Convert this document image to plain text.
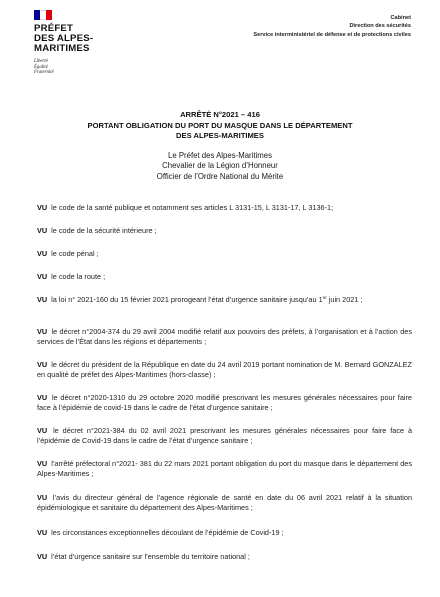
PRÉFET
DES ALPES-
MARITIMES
Liberté
Égalité
Fraternité
Cabinet
Direction des sécurités
Service interministériel de défense et de protections civiles
ARRÊTÉ N°2021 – 416
PORTANT OBLIGATION DU PORT DU MASQUE DANS LE DÉPARTEMENT
DES ALPES-MARITIMES
Le Préfet des Alpes-Maritimes
Chevalier de la Légion d’Honneur
Officier de l’Ordre National du Mérite
VU le code de la santé publique et notamment ses articles L 3131-15, L 3131-17, L 3136-1;
VU le code de la sécurité intérieure ;
VU le code pénal ;
VU le code la route ;
VU la loi n° 2021-160 du 15 février 2021 prorogeant l’état d’urgence sanitaire jusqu’au 1er juin 2021 ;
VU le décret n°2004-374 du 29 avril 2004 modifié relatif aux pouvoirs des préfets, à l’organisation et à l’action des services de l’État dans les régions et départements ;
VU le décret du président de la République en date du 24 avril 2019 portant nomination de M. Bernard GONZALEZ en qualité de préfet des Alpes-Maritimes (hors-classe) ;
VU le décret n°2020-1310 du 29 octobre 2020 modifié prescrivant les mesures générales nécessaires pour faire face à l’épidémie de covid-19 dans le cadre de l’état d’urgence sanitaire ;
VU le décret n°2021-384 du 02 avril 2021 prescrivant les mesures générales nécessaires pour faire face à l’épidémie de Covid-19 dans le cadre de l’état d’urgence sanitaire ;
VU l’arrêté préfectoral n°2021- 381 du 22 mars 2021 portant obligation du port du masque dans le département des Alpes-Maritimes ;
VU l’avis du directeur général de l’agence régionale de santé en date du 06 avril 2021 relatif à la situation épidémiologique et sanitaire du département des Alpes-Maritimes ;
VU les circonstances exceptionnelles découlant de l’épidémie de Covid-19 ;
VU l’état d’urgence sanitaire sur l’ensemble du territoire national ;
